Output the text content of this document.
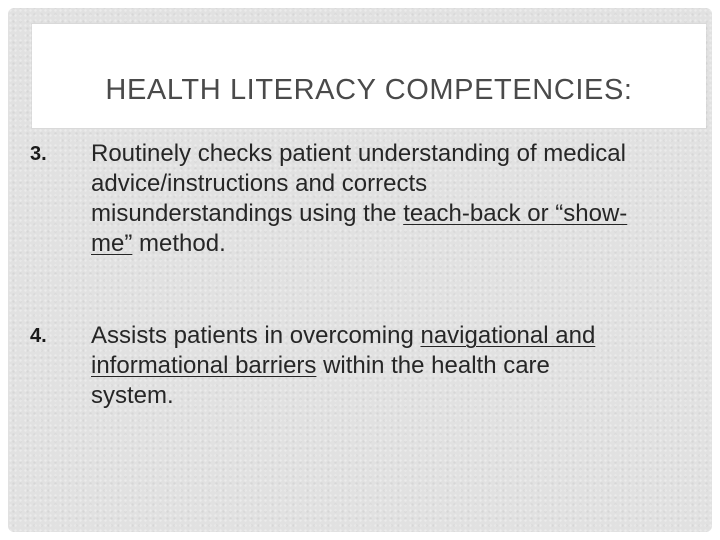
HEALTH LITERACY COMPETENCIES:
3. Routinely checks patient understanding of medical advice/instructions and corrects misunderstandings using the teach-back or “show-me” method.
4. Assists patients in overcoming navigational and informational barriers within the health care system.
